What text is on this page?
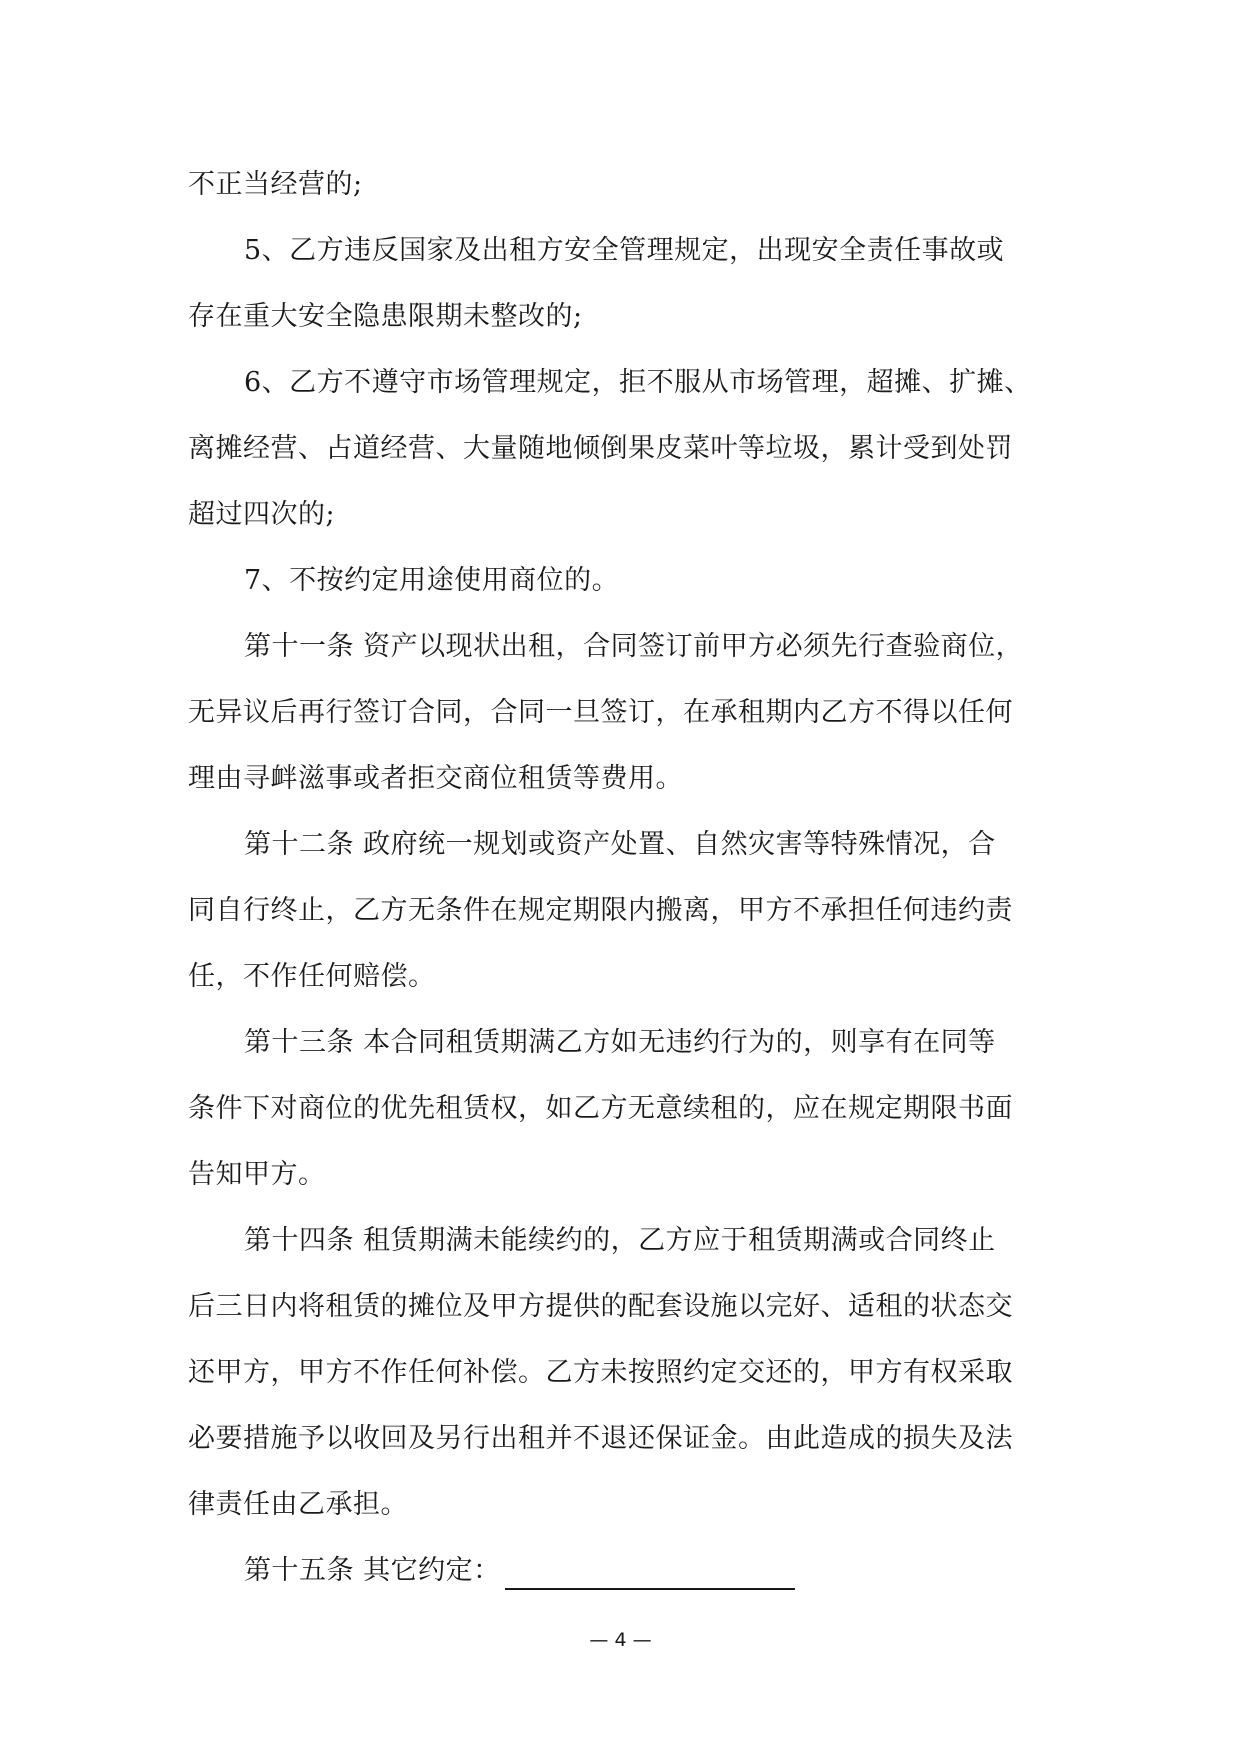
不正当经营的;
5、乙方违反国家及出租方安全管理规定，出现安全责任事故或
存在重大安全隐患限期未整改的;
6、乙方不遵守市场管理规定，拒不服从市场管理，超摊、扩摊、
离摊经营、占道经营、大量随地倾倒果皮菜叶等垃圾，累计受到处罚
超过四次的;
7、不按约定用途使用商位的。
第十一条 资产以现状出租，合同签订前甲方必须先行查验商位，
无异议后再行签订合同，合同一旦签订，在承租期内乙方不得以任何
理由寻衅滋事或者拒交商位租赁等费用。
第十二条 政府统一规划或资产处置、自然灾害等特殊情况，合
同自行终止，乙方无条件在规定期限内搬离，甲方不承担任何违约责
任，不作任何赔偿。
第十三条 本合同租赁期满乙方如无违约行为的，则享有在同等
条件下对商位的优先租赁权，如乙方无意续租的，应在规定期限书面
告知甲方。
第十四条 租赁期满未能续约的，乙方应于租赁期满或合同终止
后三日内将租赁的摊位及甲方提供的配套设施以完好、适租的状态交
还甲方，甲方不作任何补偿。乙方未按照约定交还的，甲方有权采取
必要措施予以收回及另行出租并不退还保证金。由此造成的损失及法
律责任由乙承担。
第十五条 其它约定：
— 4 —
